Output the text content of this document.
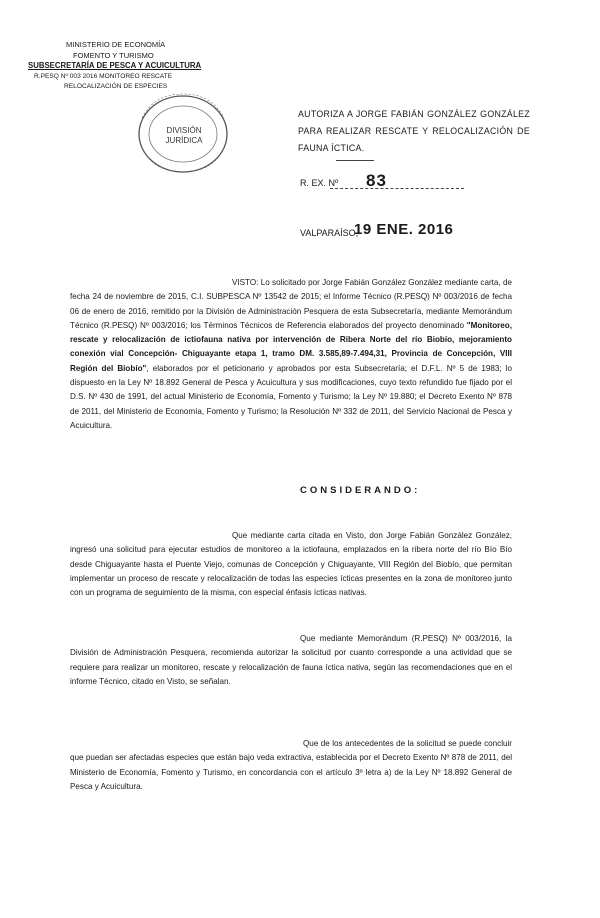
MINISTERIO DE ECONOMÍA
FOMENTO Y TURISMO
SUBSECRETARÍA DE PESCA Y ACUICULTURA
R.PESQ Nº 003 2016 MONITOREO RESCATE
RELOCALIZACIÓN DE ESPECIES
DIVISIÓN
JURÍDICA
AUTORIZA A JORGE FABIÁN GONZÁLEZ GONZÁLEZ PARA REALIZAR RESCATE Y RELOCALIZACIÓN DE FAUNA ÍCTICA.
R. EX. Nº 83
VALPARAÍSO,
19 ENE. 2016
VISTO: Lo solicitado por Jorge Fabián González González mediante carta, de fecha 24 de noviembre de 2015, C.I. SUBPESCA Nº 13542 de 2015; el Informe Técnico (R.PESQ) Nº 003/2016 de fecha 06 de enero de 2016, remitido por la División de Administración Pesquera de esta Subsecretaría, mediante Memorándum Técnico (R.PESQ) Nº 003/2016; los Términos Técnicos de Referencia elaborados del proyecto denominado "Monitoreo, rescate y relocalización de ictiofauna nativa por intervención de Ribera Norte del río Biobío, mejoramiento conexión vial Concepción- Chiguayante etapa 1, tramo DM. 3.585,89-7.494,31, Provincia de Concepción, VIII Región del Biobío", elaborados por el peticionario y aprobados por esta Subsecretaría; el D.F.L. Nº 5 de 1983; lo dispuesto en la Ley Nº 18.892 General de Pesca y Acuicultura y sus modificaciones, cuyo texto refundido fue fijado por el D.S. Nº 430 de 1991, del actual Ministerio de Economía, Fomento y Turismo; la Ley Nº 19.880; el Decreto Exento Nº 878 de 2011, del Ministerio de Economía, Fomento y Turismo; la Resolución Nº 332 de 2011, del Servicio Nacional de Pesca y Acuicultura.
CONSIDERANDO:
Que mediante carta citada en Visto, don Jorge Fabián González González, ingresó una solicitud para ejecutar estudios de monitoreo a la ictiofauna, emplazados en la ribera norte del río Bío Bío desde Chiguayante hasta el Puente Viejo, comunas de Concepción y Chiguayante, VIII Región del Biobío, que permitan implementar un proceso de rescate y relocalización de todas las especies ícticas presentes en la zona de monitoreo junto con un programa de seguimiento de la misma, con especial énfasis ícticas nativas.
Que mediante Memorándum (R.PESQ) Nº 003/2016, la División de Administración Pesquera, recomienda autorizar la solicitud por cuanto corresponde a una actividad que se requiere para realizar un monitoreo, rescate y relocalización de fauna íctica nativa, según las recomendaciones que en el informe Técnico, citado en Visto, se señalan.
Que de los antecedentes de la solicitud se puede concluir que puedan ser afectadas especies que están bajo veda extractiva, establecida por el Decreto Exento Nº 878 de 2011, del Ministerio de Economía, Fomento y Turismo, en concordancia con el artículo 3º letra a) de la Ley Nº 18.892 General de Pesca y Acuicultura.
